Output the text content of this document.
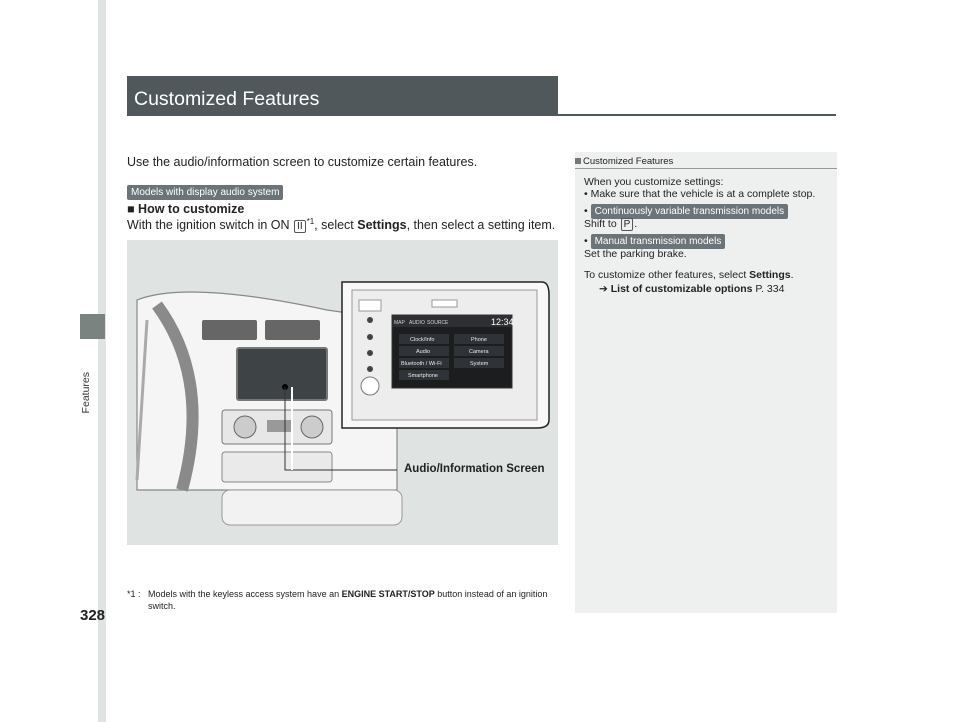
Features
328
Customized Features
Use the audio/information screen to customize certain features.
Models with display audio system
■ How to customize
With the ignition switch in ON II $^{*1}$, select Settings, then select a setting item.
MAP AUDIO SOURCE	12:34
Clock/Info	Phone
Audio	Camera
Bluetooth / Wi-Fi	System
Smartphone
Audio/Information Screen
*1 : Models with the keyless access system have an ENGINE START/STOP button instead of an ignition switch.
Customized Features
When you customize settings:
• Make sure that the vehicle is at a complete stop.
• Continuously variable transmission models
Shift to P .
• Manual transmission models
Set the parking brake.
To customize other features, select Settings.
➔ List of customizable options P. 334
